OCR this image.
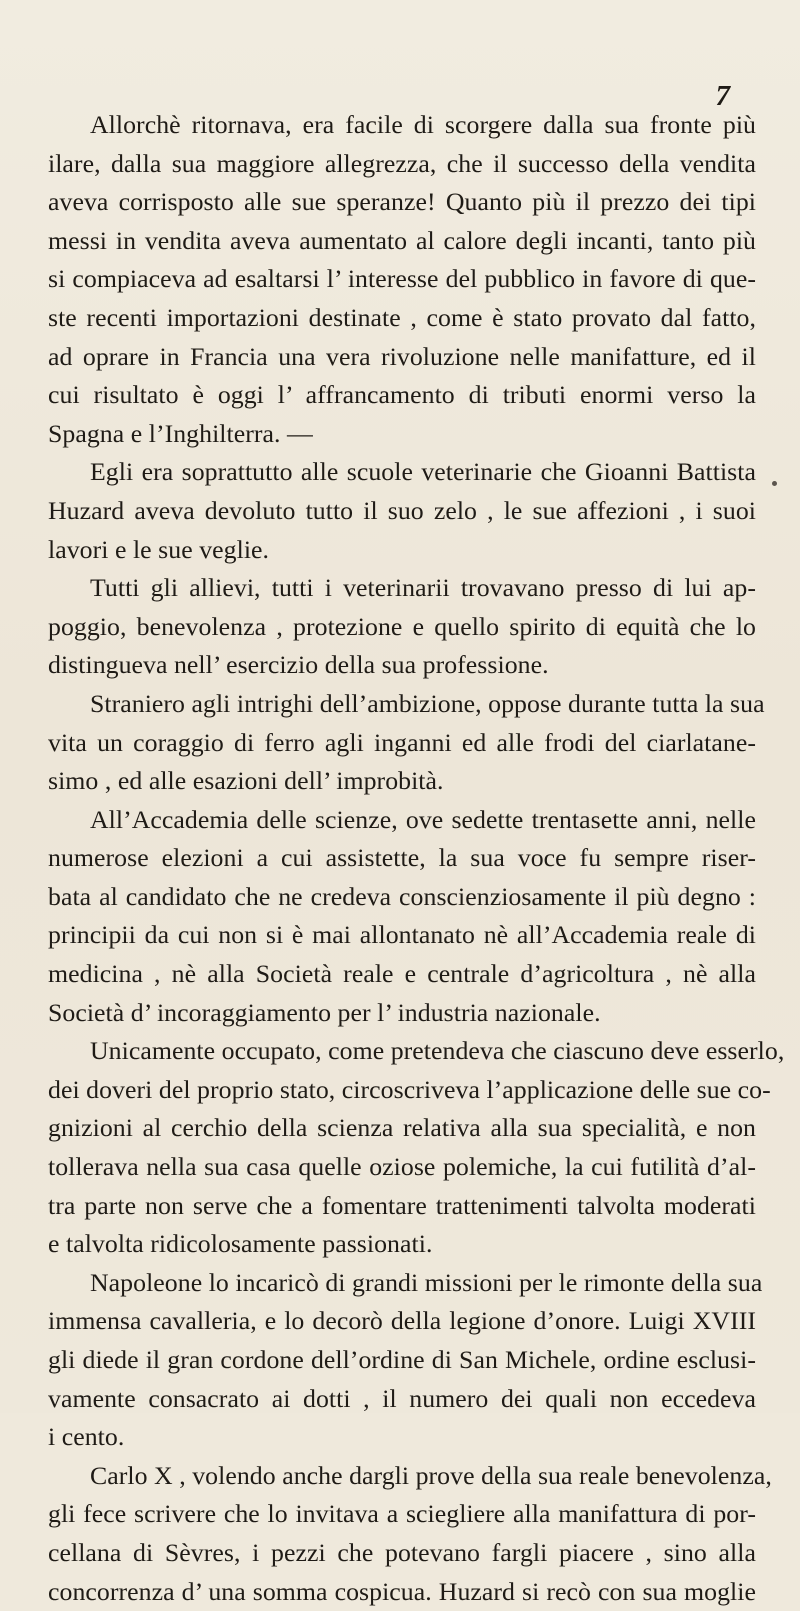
7
Allorchè ritornava, era facile di scorgere dalla sua fronte più
ilare, dalla sua maggiore allegrezza, che il successo della vendita
aveva corrisposto alle sue speranze! Quanto più il prezzo dei tipi
messi in vendita aveva aumentato al calore degli incanti, tanto più
si compiaceva ad esaltarsi l’ interesse del pubblico in favore di que-
ste recenti importazioni destinate , come è stato provato dal fatto,
ad oprare in Francia una vera rivoluzione nelle manifatture, ed il
cui risultato è oggi l’ affrancamento di tributi enormi verso la
Spagna e l’Inghilterra. —
Egli era soprattutto alle scuole veterinarie che Gioanni Battista
Huzard aveva devoluto tutto il suo zelo , le sue affezioni , i suoi
lavori e le sue veglie.
Tutti gli allievi, tutti i veterinarii trovavano presso di lui ap-
poggio, benevolenza , protezione e quello spirito di equità che lo
distingueva nell’ esercizio della sua professione.
Straniero agli intrighi dell’ambizione, oppose durante tutta la sua
vita un coraggio di ferro agli inganni ed alle frodi del ciarlatane-
simo , ed alle esazioni dell’ improbità.
All’Accademia delle scienze, ove sedette trentasette anni, nelle
numerose elezioni a cui assistette, la sua voce fu sempre riser-
bata al candidato che ne credeva conscienziosamente il più degno :
principii da cui non si è mai allontanato nè all’Accademia reale di
medicina , nè alla Società reale e centrale d’agricoltura , nè alla
Società d’ incoraggiamento per l’ industria nazionale.
Unicamente occupato, come pretendeva che ciascuno deve esserlo,
dei doveri del proprio stato, circoscriveva l’applicazione delle sue co-
gnizioni al cerchio della scienza relativa alla sua specialità, e non
tollerava nella sua casa quelle oziose polemiche, la cui futilità d’al-
tra parte non serve che a fomentare trattenimenti talvolta moderati
e talvolta ridicolosamente passionati.
Napoleone lo incaricò di grandi missioni per le rimonte della sua
immensa cavalleria, e lo decorò della legione d’onore. Luigi XVIII
gli diede il gran cordone dell’ordine di San Michele, ordine esclusi-
vamente consacrato ai dotti , il numero dei quali non eccedeva
i cento.
Carlo X , volendo anche dargli prove della sua reale benevolenza,
gli fece scrivere che lo invitava a sciegliere alla manifattura di por-
cellana di Sèvres, i pezzi che potevano fargli piacere , sino alla
concorrenza d’ una somma cospicua. Huzard si recò con sua moglie
